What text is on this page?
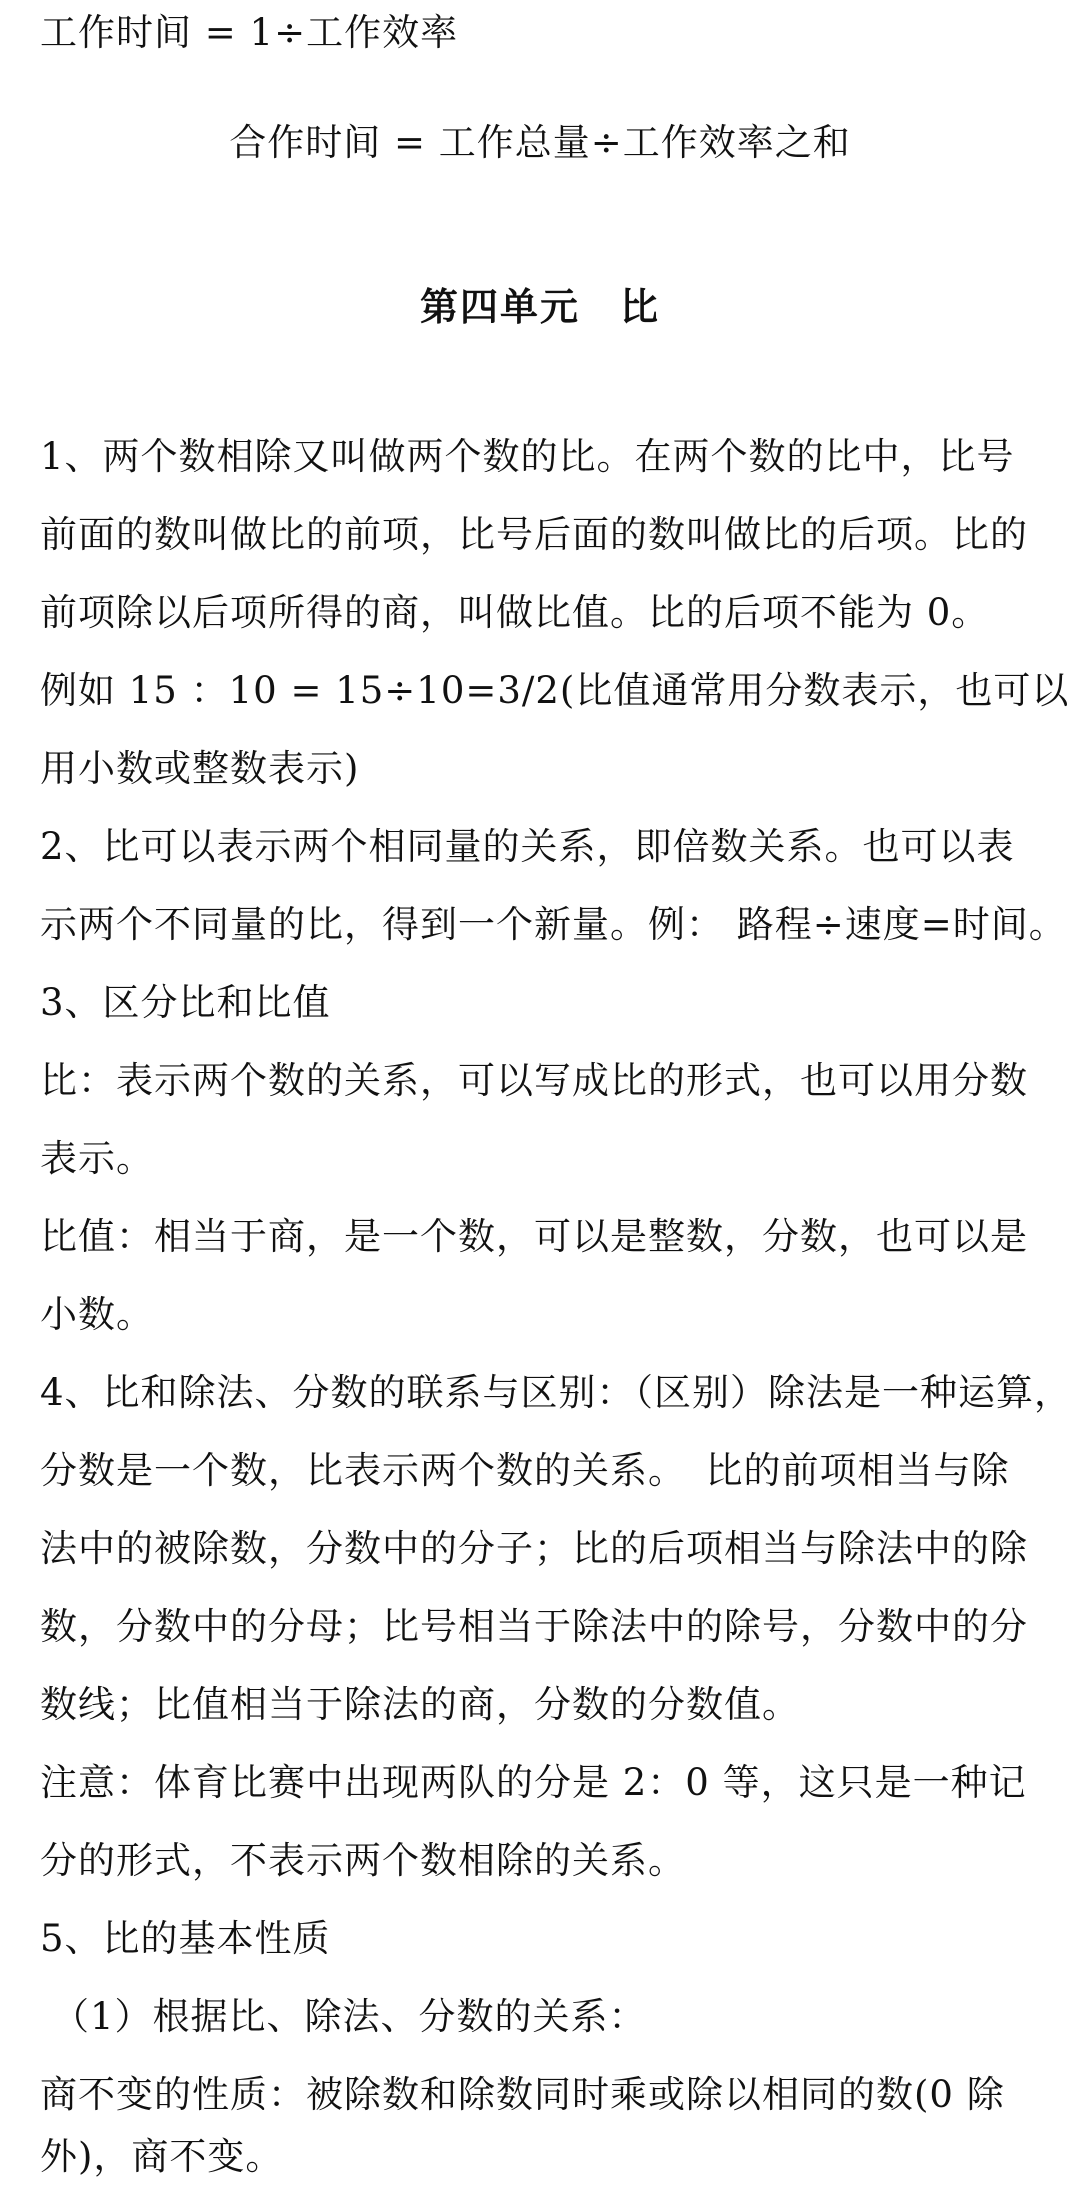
工作时间 = 1÷工作效率
合作时间 = 工作总量÷工作效率之和
第四单元　比
1、两个数相除又叫做两个数的比。在两个数的比中，比号
前面的数叫做比的前项，比号后面的数叫做比的后项。比的
前项除以后项所得的商，叫做比值。比的后项不能为 0。
例如 15 ：10 = 15÷10=3/2(比值通常用分数表示，也可以
用小数或整数表示)
2、比可以表示两个相同量的关系，即倍数关系。也可以表
示两个不同量的比，得到一个新量。例： 路程÷速度=时间。
3、区分比和比值
比：表示两个数的关系，可以写成比的形式，也可以用分数
表示。
比值：相当于商，是一个数，可以是整数，分数，也可以是
小数。
4、比和除法、分数的联系与区别：（区别）除法是一种运算，
分数是一个数，比表示两个数的关系。　比的前项相当与除
法中的被除数，分数中的分子；比的后项相当与除法中的除
数，分数中的分母；比号相当于除法中的除号，分数中的分
数线；比值相当于除法的商，分数的分数值。
注意：体育比赛中出现两队的分是 2：0 等，这只是一种记
分的形式，不表示两个数相除的关系。
5、比的基本性质
（1）根据比、除法、分数的关系：
商不变的性质：被除数和除数同时乘或除以相同的数(0 除
外)，商不变。
